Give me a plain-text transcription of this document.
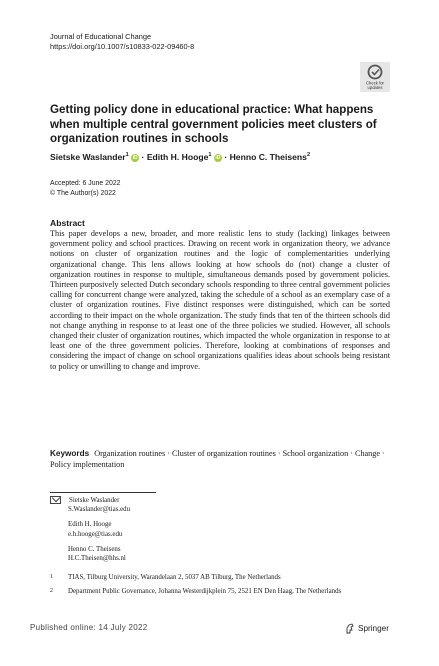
Journal of Educational Change
https://doi.org/10.1007/s10833-022-09460-8
Check for
updates
Getting policy done in educational practice: What happens when multiple central government policies meet clusters of organization routines in schools
Sietske Waslander$^1$ iD · Edith H. Hooge$^1$ iD · Henno C. Theisens$^2$
Accepted: 6 June 2022
© The Author(s) 2022
Abstract
This paper develops a new, broader, and more realistic lens to study (lacking) linkages between government policy and school practices. Drawing on recent work in organization theory, we advance notions on cluster of organization routines and the logic of complementarities underlying organizational change. This lens allows looking at how schools do (not) change a cluster of organization routines in response to multiple, simultaneous demands posed by government policies. Thirteen purposively selected Dutch secondary schools responding to three central government policies calling for concurrent change were analyzed, taking the schedule of a school as an exemplary case of a cluster of organization routines. Five distinct responses were distinguished, which can be sorted according to their impact on the whole organization. The study finds that ten of the thirteen schools did not change anything in response to at least one of the three policies we studied. However, all schools changed their cluster of organization routines, which impacted the whole organization in response to at least one of the three government policies. Therefore, looking at combinations of responses and considering the impact of change on school organizations qualifies ideas about schools being resistant to policy or unwilling to change and improve.
Keywords Organization routines · Cluster of organization routines · School organization · Change · Policy implementation
Sietske Waslander
S.Waslander@tias.edu
Edith H. Hooge
e.h.hooge@tias.edu
Henno C. Theisens
H.C.Theisen@hhs.nl
1	TIAS, Tilburg University, Warandelaan 2, 5037 AB Tilburg, The Netherlands
2	Department Public Governance, Johanna Westerdijkplein 75, 2521 EN Den Haag, The Netherlands
Published online: 14 July 2022	Springer
